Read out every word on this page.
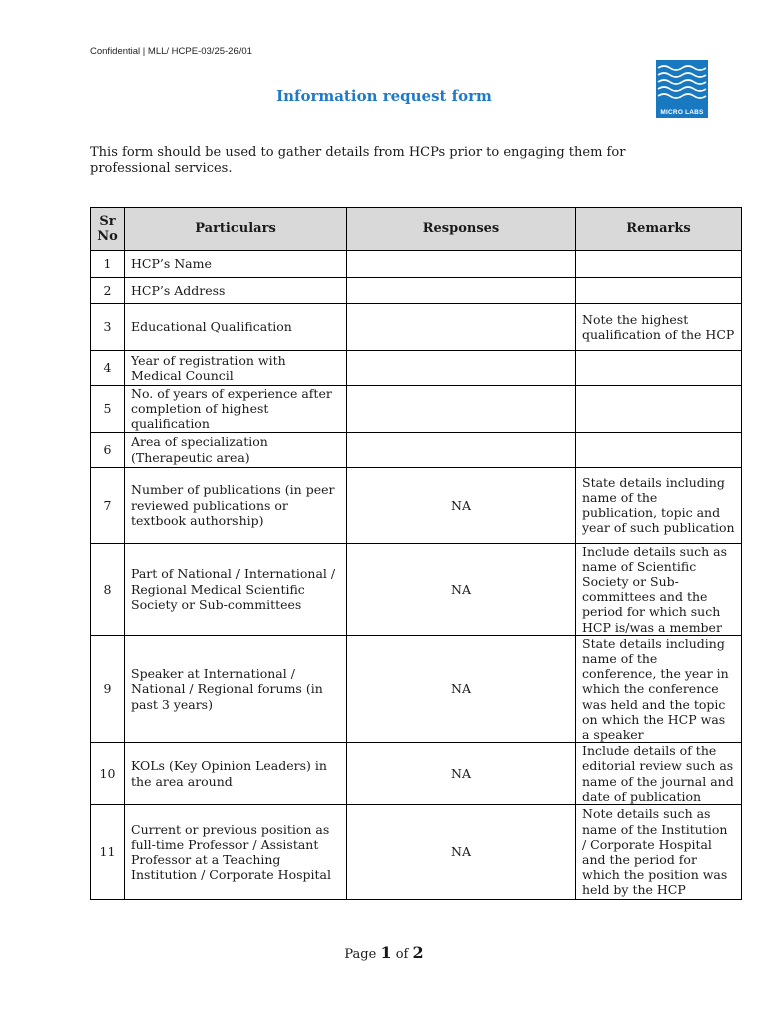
Confidential | MLL/ HCPE-03/25-26/01
Information request form
MICRO LABS
This form should be used to gather details from HCPs prior to engaging them for professional services.
Sr No	Particulars	Responses	Remarks
1	HCP’s Name		
2	HCP’s Address		
3	Educational Qualification		Note the highest qualification of the HCP
4	Year of registration with Medical Council		
5	No. of years of experience after completion of highest qualification		
6	Area of specialization (Therapeutic area)		
7	Number of publications (in peer reviewed publications or textbook authorship)	NA	State details including name of the publication, topic and year of such publication
8	Part of National / International / Regional Medical Scientific Society or Sub-committees	NA	Include details such as name of Scientific Society or Sub-committees and the period for which such HCP is/was a member
9	Speaker at International / National / Regional forums (in past 3 years)	NA	State details including name of the conference, the year in which the conference was held and the topic on which the HCP was a speaker
10	KOLs (Key Opinion Leaders) in the area around	NA	Include details of the editorial review such as name of the journal and date of publication
11	Current or previous position as full-time Professor / Assistant Professor at a Teaching Institution / Corporate Hospital	NA	Note details such as name of the Institution / Corporate Hospital and the period for which the position was held by the HCP
Page 1 of 2
